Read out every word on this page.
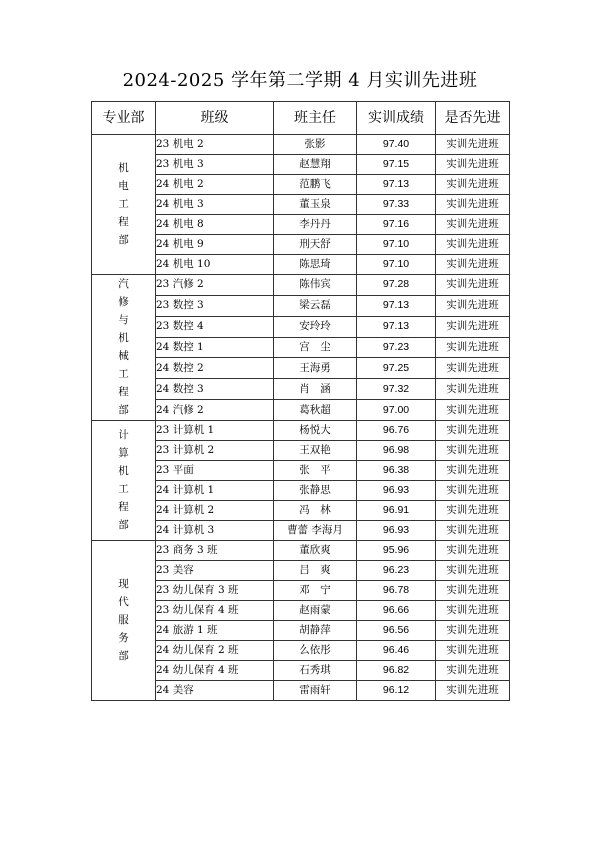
2024-2025 学年第二学期 4 月实训先进班
专业部	班级	班主任	实训成绩	是否先进
机电工程部	23 机电 2	张影	97.40	实训先进班
	23 机电 3	赵慧翔	97.15	实训先进班
	24 机电 2	范鹏飞	97.13	实训先进班
	24 机电 3	董玉泉	97.33	实训先进班
	24 机电 8	李丹丹	97.16	实训先进班
	24 机电 9	刑天舒	97.10	实训先进班
	24 机电 10	陈思琦	97.10	实训先进班
汽修与机械工程部	23 汽修 2	陈伟宾	97.28	实训先进班
	23 数控 3	梁云磊	97.13	实训先进班
	23 数控 4	安玲玲	97.13	实训先进班
	24 数控 1	宫　尘	97.23	实训先进班
	24 数控 2	王海勇	97.25	实训先进班
	24 数控 3	肖　涵	97.32	实训先进班
	24 汽修 2	葛秋超	97.00	实训先进班
计算机工程部	23 计算机 1	杨悦大	96.76	实训先进班
	23 计算机 2	王双艳	96.98	实训先进班
	23 平面	张　平	96.38	实训先进班
	24 计算机 1	张静思	96.93	实训先进班
	24 计算机 2	冯　林	96.91	实训先进班
	24 计算机 3	曹蕾 李海月	96.93	实训先进班
现代服务部	23 商务 3 班	董欣爽	95.96	实训先进班
	23 美容	吕　爽	96.23	实训先进班
	23 幼儿保育 3 班	邓　宁	96.78	实训先进班
	23 幼儿保育 4 班	赵雨蒙	96.66	实训先进班
	24 旅游 1 班	胡静萍	96.56	实训先进班
	24 幼儿保育 2 班	么依彤	96.46	实训先进班
	24 幼儿保育 4 班	石秀琪	96.82	实训先进班
	24 美容	雷雨轩	96.12	实训先进班
